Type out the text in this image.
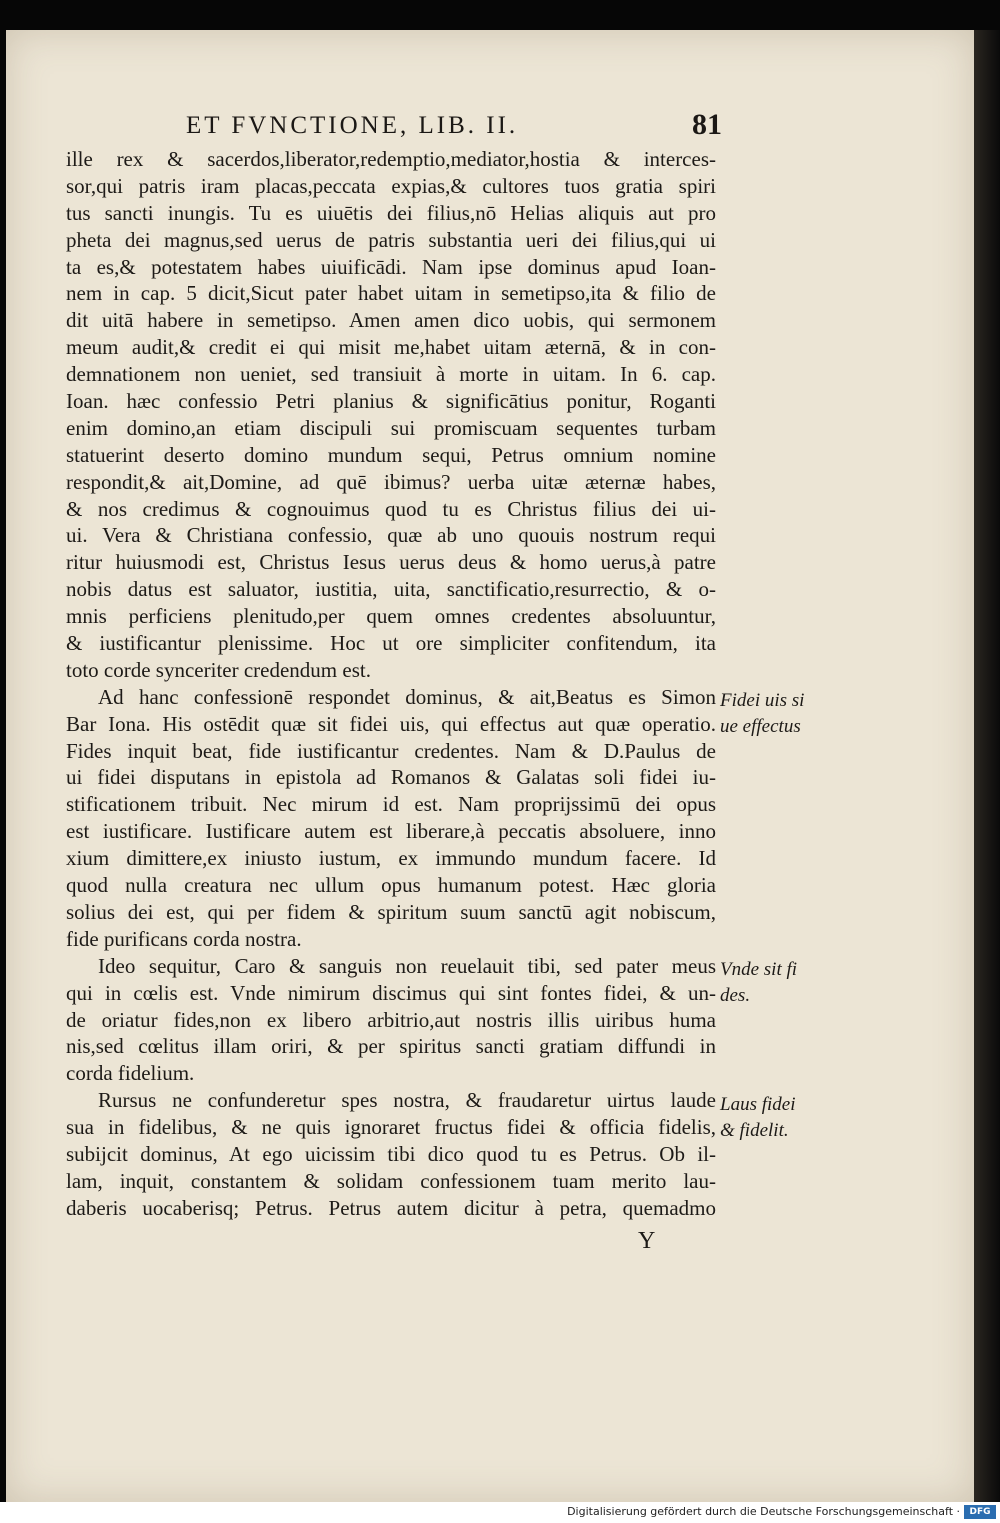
ET FVNCTIONE, LIB. II.	81
ille rex & sacerdos,liberator,redemptio,mediator,hostia & interces-
sor,qui patris iram placas,peccata expias,& cultores tuos gratia spiri
tus sancti inungis. Tu es uiuētis dei filius,nō Helias aliquis aut pro
pheta dei magnus,sed uerus de patris substantia ueri dei filius,qui ui
ta es,& potestatem habes uiuificādi. Nam ipse dominus apud Ioan-
nem in cap. 5 dicit,Sicut pater habet uitam in semetipso,ita & filio de
dit uitā habere in semetipso. Amen amen dico uobis, qui sermonem
meum audit,& credit ei qui misit me,habet uitam æternā, & in con-
demnationem non ueniet, sed transiuit à morte in uitam. In 6. cap.
Ioan. hæc confessio Petri planius & significātius ponitur, Roganti
enim domino,an etiam discipuli sui promiscuam sequentes turbam
statuerint deserto domino mundum sequi, Petrus omnium nomine
respondit,& ait,Domine, ad quē ibimus? uerba uitæ æternæ habes,
& nos credimus & cognouimus quod tu es Christus filius dei ui-
ui. Vera & Christiana confessio, quæ ab uno quouis nostrum requi
ritur huiusmodi est, Christus Iesus uerus deus & homo uerus,à patre
nobis datus est saluator, iustitia, uita, sanctificatio,resurrectio, & o-
mnis perficiens plenitudo,per quem omnes credentes absoluuntur,
& iustificantur plenissime. Hoc ut ore simpliciter confitendum, ita
toto corde synceriter credendum est.
Ad hanc confessionē respondet dominus, & ait,Beatus es Simon
Bar Iona. His ostēdit quæ sit fidei uis, qui effectus aut quæ operatio.
Fides inquit beat, fide iustificantur credentes. Nam & D.Paulus de
ui fidei disputans in epistola ad Romanos & Galatas soli fidei iu-
stificationem tribuit. Nec mirum id est. Nam proprijssimū dei opus
est iustificare. Iustificare autem est liberare,à peccatis absoluere, inno
xium dimittere,ex iniusto iustum, ex immundo mundum facere. Id
quod nulla creatura nec ullum opus humanum potest. Hæc gloria
solius dei est, qui per fidem & spiritum suum sanctū agit nobiscum,
fide purificans corda nostra.
Ideo sequitur, Caro & sanguis non reuelauit tibi, sed pater meus
qui in cœlis est. Vnde nimirum discimus qui sint fontes fidei, & un-
de oriatur fides,non ex libero arbitrio,aut nostris illis uiribus huma
nis,sed cœlitus illam oriri, & per spiritus sancti gratiam diffundi in
corda fidelium.
Rursus ne confunderetur spes nostra, & fraudaretur uirtus laude
sua in fidelibus, & ne quis ignoraret fructus fidei & officia fidelis,
subijcit dominus, At ego uicissim tibi dico quod tu es Petrus. Ob il-
lam, inquit, constantem & solidam confessionem tuam merito lau-
daberis uocaberisq; Petrus. Petrus autem dicitur à petra, quemadmo
Fidei uis si
ue effectus
Vnde sit fi
des.
Laus fidei
& fidelit.
Y
Digitalisierung gefördert durch die Deutsche Forschungsgemeinschaft ·	DFG
